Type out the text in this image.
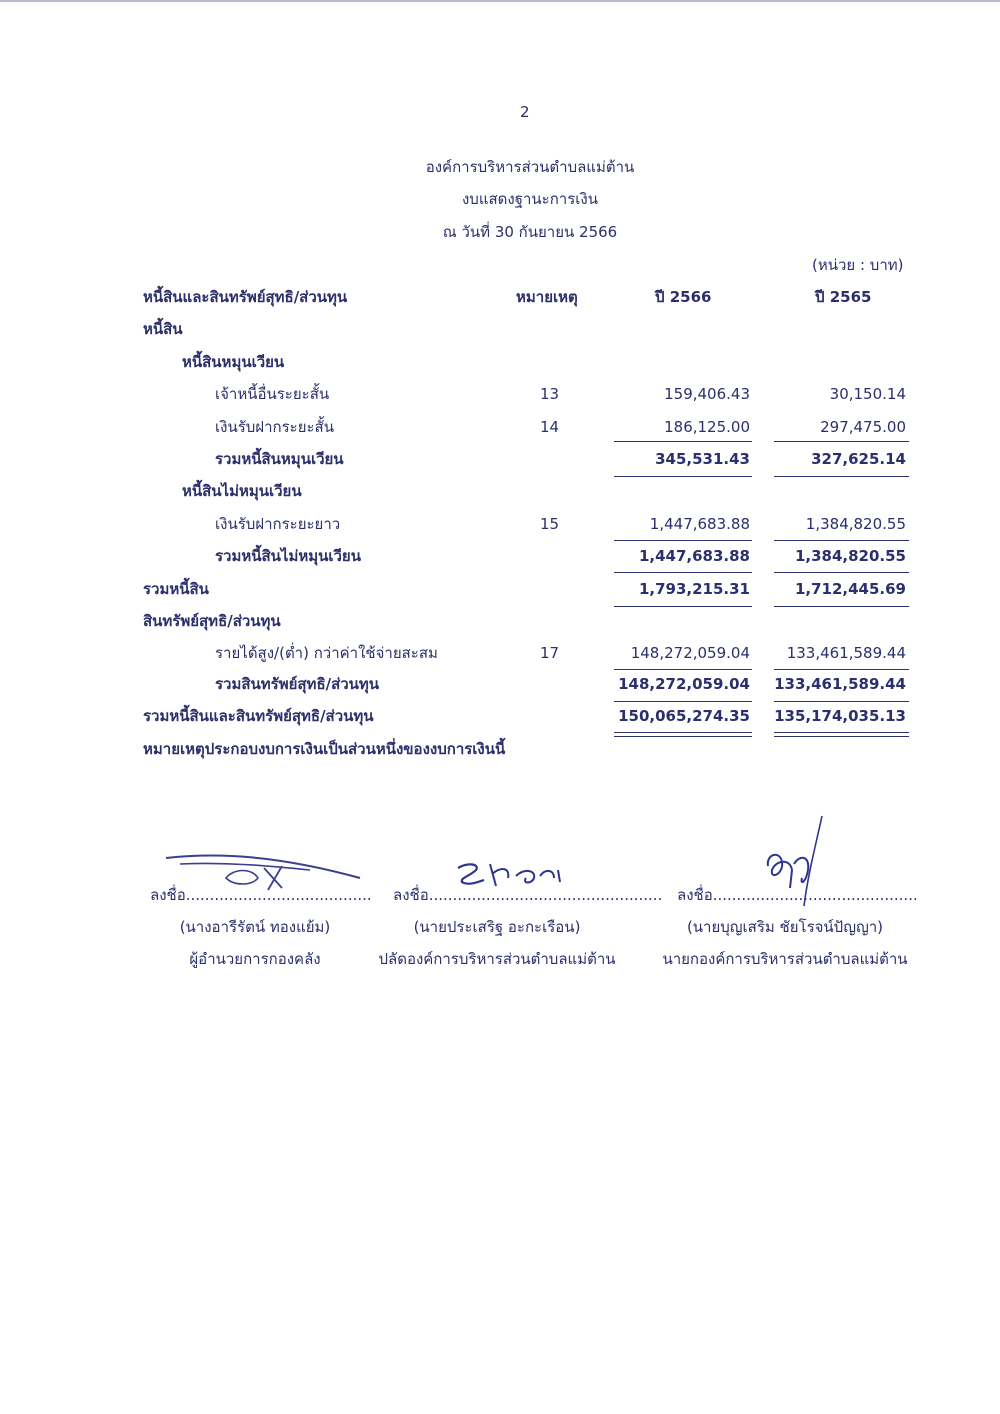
2
องค์การบริหารส่วนตำบลแม่ต้าน
งบแสดงฐานะการเงิน
ณ วันที่ 30 กันยายน 2566
(หน่วย : บาท)
หนี้สินและสินทรัพย์สุทธิ/ส่วนทุน	หมายเหตุ	ปี 2566	ปี 2565
หนี้สิน
หนี้สินหมุนเวียน
เจ้าหนี้อื่นระยะสั้น	13	159,406.43	30,150.14
เงินรับฝากระยะสั้น	14	186,125.00	297,475.00
รวมหนี้สินหมุนเวียน	345,531.43	327,625.14
หนี้สินไม่หมุนเวียน
เงินรับฝากระยะยาว	15	1,447,683.88	1,384,820.55
รวมหนี้สินไม่หมุนเวียน	1,447,683.88	1,384,820.55
รวมหนี้สิน	1,793,215.31	1,712,445.69
สินทรัพย์สุทธิ/ส่วนทุน
รายได้สูง/(ต่ำ) กว่าค่าใช้จ่ายสะสม	17	148,272,059.04	133,461,589.44
รวมสินทรัพย์สุทธิ/ส่วนทุน	148,272,059.04	133,461,589.44
รวมหนี้สินและสินทรัพย์สุทธิ/ส่วนทุน	150,065,274.35	135,174,035.13
หมายเหตุประกอบงบการเงินเป็นส่วนหนึ่งของงบการเงินนี้
ลงชื่อ.......................................
(นางอารีรัตน์ ทองแย้ม)
ผู้อำนวยการกองคลัง
ลงชื่อ.................................................
(นายประเสริฐ อะกะเรือน)
ปลัดองค์การบริหารส่วนตำบลแม่ต้าน
ลงชื่อ...........................................
(นายบุญเสริม ชัยโรจน์ปัญญา)
นายกองค์การบริหารส่วนตำบลแม่ต้าน
